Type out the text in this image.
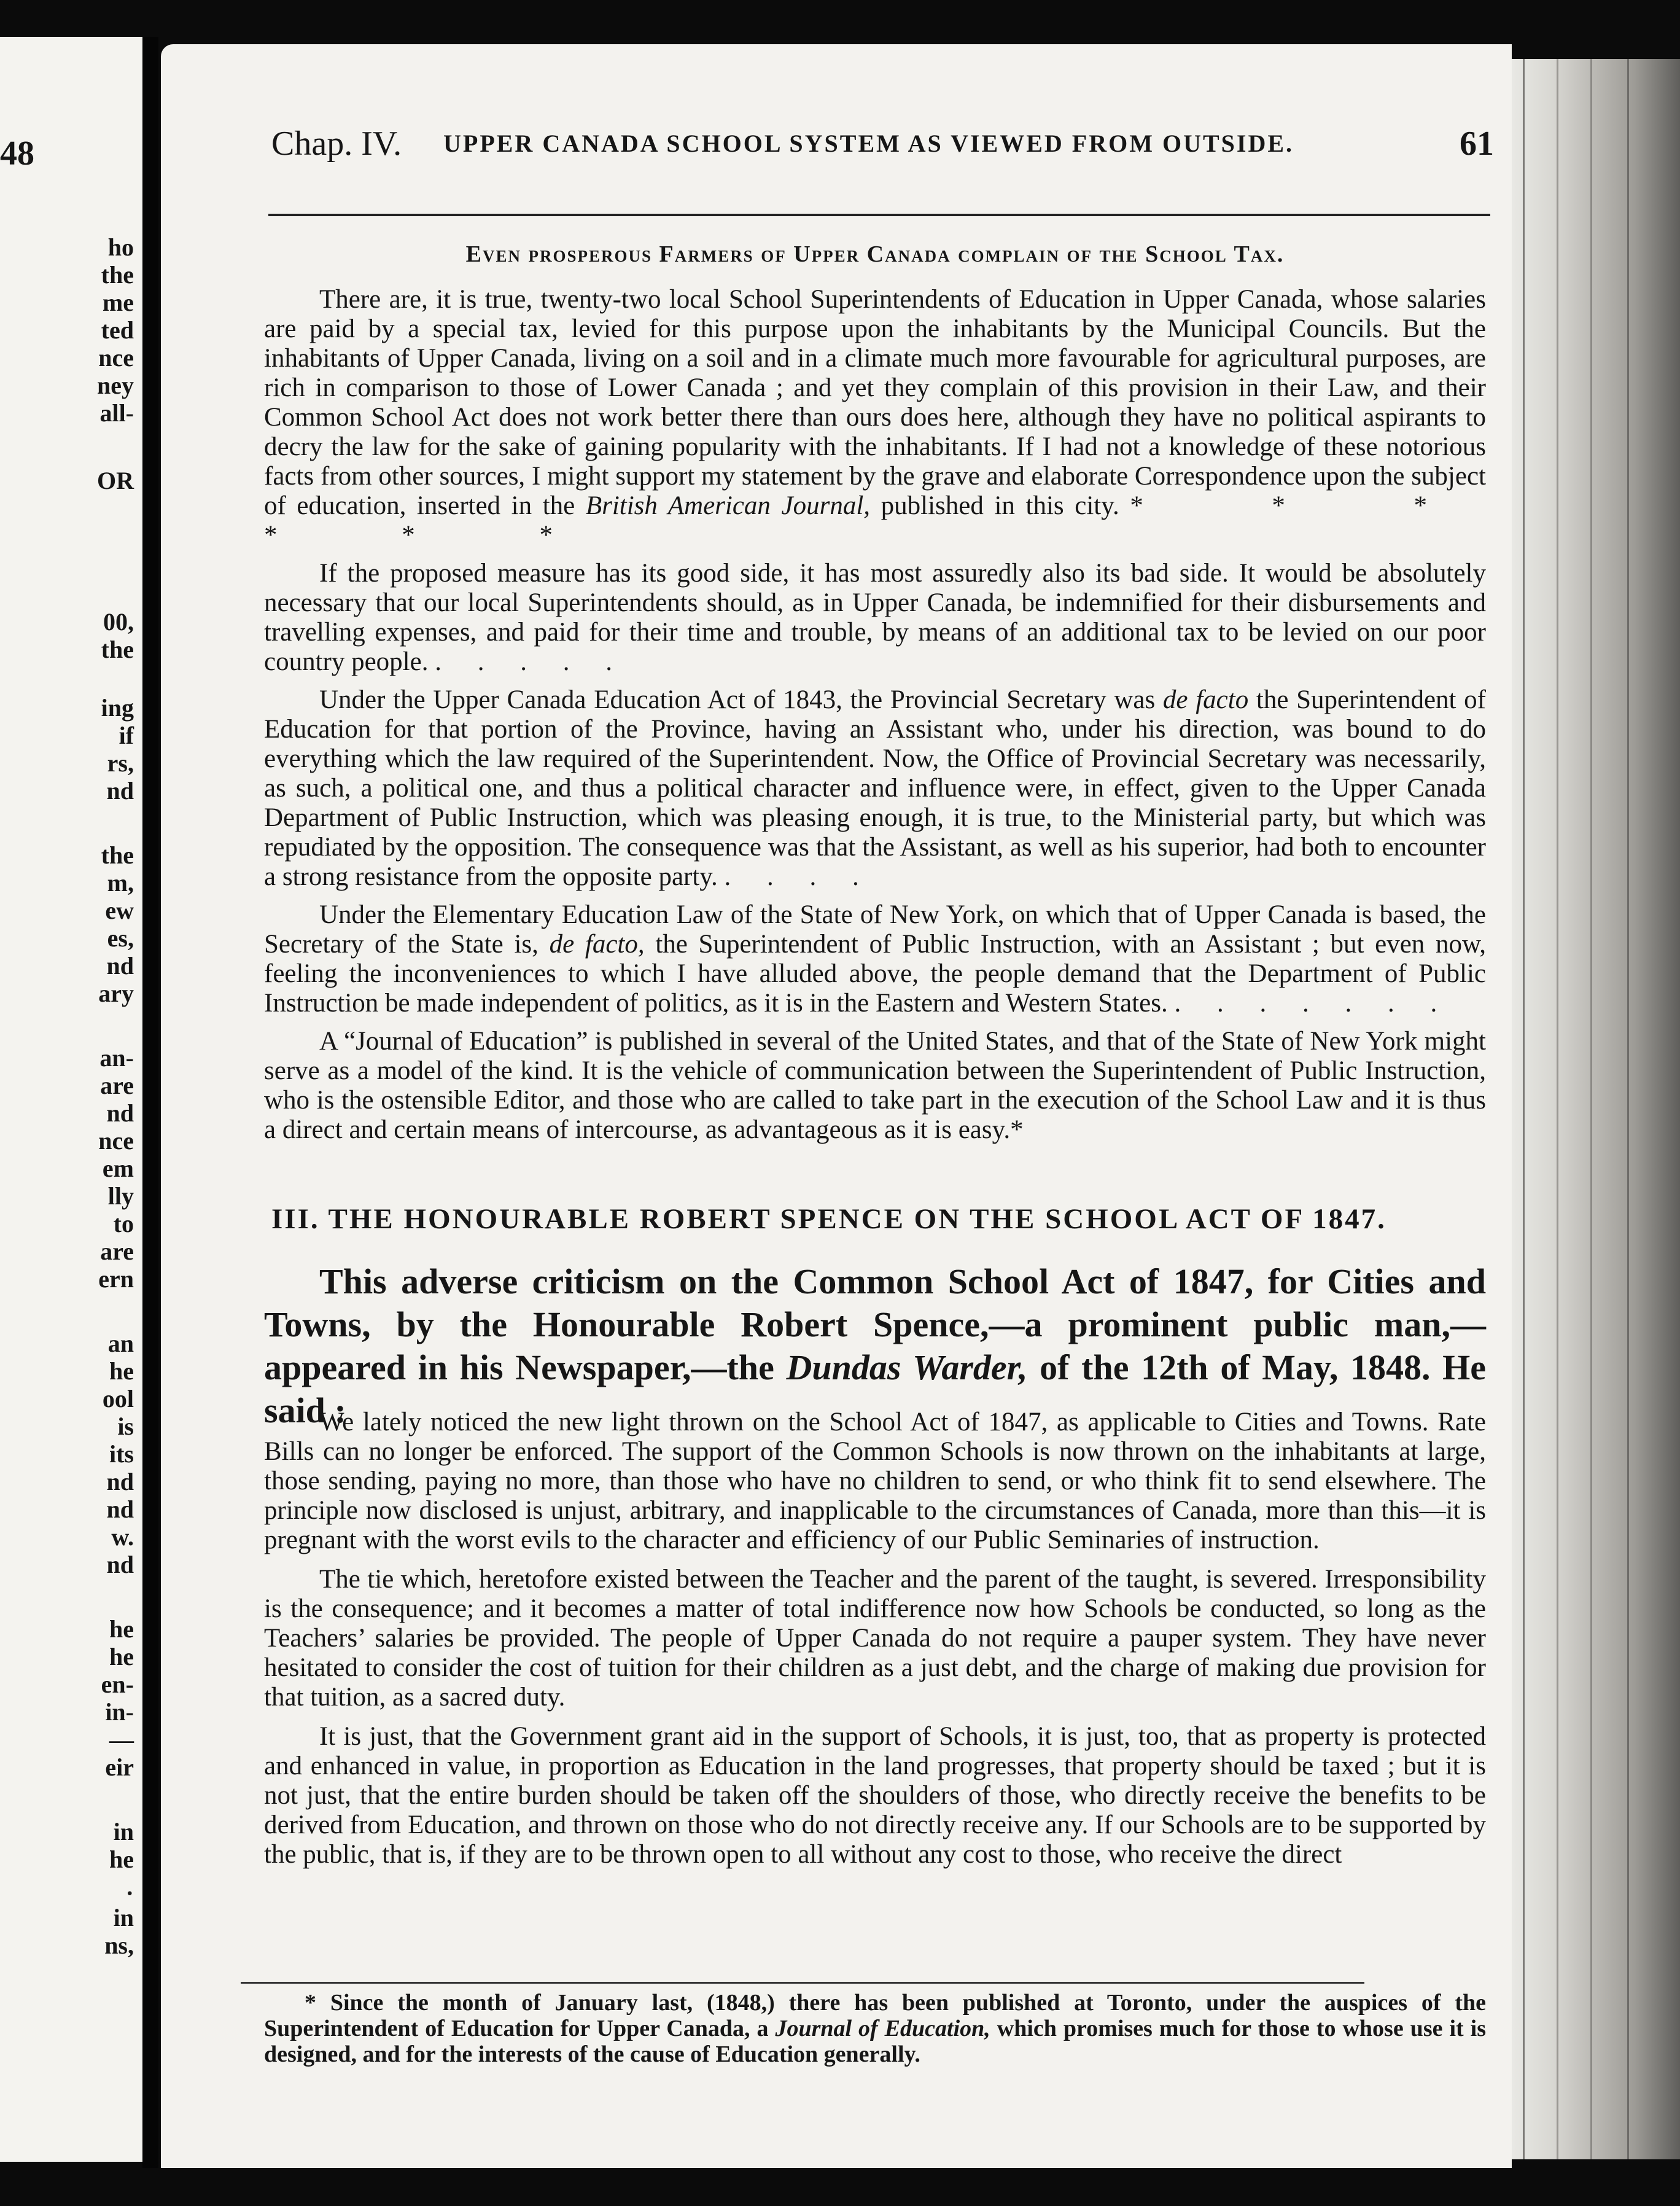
48
ho
the
me
ted
nce
ney
all-
OR
00,
the
ing
if
rs,
nd
the
m,
ew
es,
nd
ary
an-
are
nd
nce
em
lly
to
are
ern
an
he
ool
is
its
nd
nd
w.
nd
he
he
en-
in-
—
eir
in
he
·
in
ns,
Chap. IV. UPPER CANADA SCHOOL SYSTEM AS VIEWED FROM OUTSIDE.	61
Even prosperous Farmers of Upper Canada complain of the School Tax.

There are, it is true, twenty-two local School Superintendents of Education in Upper Canada, whose salaries are paid by a special tax, levied for this purpose upon the inhabitants by the Municipal Councils. But the inhabitants of Upper Canada, living on a soil and in a climate much more favourable for agricultural purposes, are rich in comparison to those of Lower Canada ; and yet they complain of this provision in their Law, and their Common School Act does not work better there than ours does here, although they have no political aspirants to decry the law for the sake of gaining popularity with the inhabitants. If I had not a knowledge of these notorious facts from other sources, I might support my statement by the grave and elaborate Correspondence upon the subject of education, inserted in the British American Journal, published in this city. * * * * * *

If the proposed measure has its good side, it has most assuredly also its bad side. It would be absolutely necessary that our local Superintendents should, as in Upper Canada, be indemnified for their disbursements and travelling expenses, and paid for their time and trouble, by means of an additional tax to be levied on our poor country people. . . . . .

Under the Upper Canada Education Act of 1843, the Provincial Secretary was de facto the Superintendent of Education for that portion of the Province, having an Assistant who, under his direction, was bound to do everything which the law required of the Superintendent. Now, the Office of Provincial Secretary was necessarily, as such, a political one, and thus a political character and influence were, in effect, given to the Upper Canada Department of Public Instruction, which was pleasing enough, it is true, to the Ministerial party, but which was repudiated by the opposition. The consequence was that the Assistant, as well as his superior, had both to encounter a strong resistance from the opposite party. . . . .

Under the Elementary Education Law of the State of New York, on which that of Upper Canada is based, the Secretary of the State is, de facto, the Superintendent of Public Instruction, with an Assistant ; but even now, feeling the inconveniences to which I have alluded above, the people demand that the Department of Public Instruction be made independent of politics, as it is in the Eastern and Western States. . . . . . . .

A “Journal of Education” is published in several of the United States, and that of the State of New York might serve as a model of the kind. It is the vehicle of communication between the Superintendent of Public Instruction, who is the ostensible Editor, and those who are called to take part in the execution of the School Law and it is thus a direct and certain means of intercourse, as advantageous as it is easy.*

III. THE HONOURABLE ROBERT SPENCE ON THE SCHOOL ACT OF 1847.

This adverse criticism on the Common School Act of 1847, for Cities and Towns, by the Honourable Robert Spence,—a prominent public man,—appeared in his Newspaper,—the Dundas Warder, of the 12th of May, 1848. He said :

We lately noticed the new light thrown on the School Act of 1847, as applicable to Cities and Towns. Rate Bills can no longer be enforced. The support of the Common Schools is now thrown on the inhabitants at large, those sending, paying no more, than those who have no children to send, or who think fit to send elsewhere. The principle now disclosed is unjust, arbitrary, and inapplicable to the circumstances of Canada, more than this—it is pregnant with the worst evils to the character and efficiency of our Public Seminaries of instruction.

The tie which, heretofore existed between the Teacher and the parent of the taught, is severed. Irresponsibility is the consequence; and it becomes a matter of total indifference now how Schools be conducted, so long as the Teachers’ salaries be provided. The people of Upper Canada do not require a pauper system. They have never hesitated to consider the cost of tuition for their children as a just debt, and the charge of making due provision for that tuition, as a sacred duty.

It is just, that the Government grant aid in the support of Schools, it is just, too, that as property is protected and enhanced in value, in proportion as Education in the land progresses, that property should be taxed ; but it is not just, that the entire burden should be taken off the shoulders of those, who directly receive the benefits to be derived from Education, and thrown on those who do not directly receive any. If our Schools are to be supported by the public, that is, if they are to be thrown open to all without any cost to those, who receive the direct

* Since the month of January last, (1848,) there has been published at Toronto, under the auspices of the Superintendent of Education for Upper Canada, a Journal of Education, which promises much for those to whose use it is designed, and for the interests of the cause of Education generally.
